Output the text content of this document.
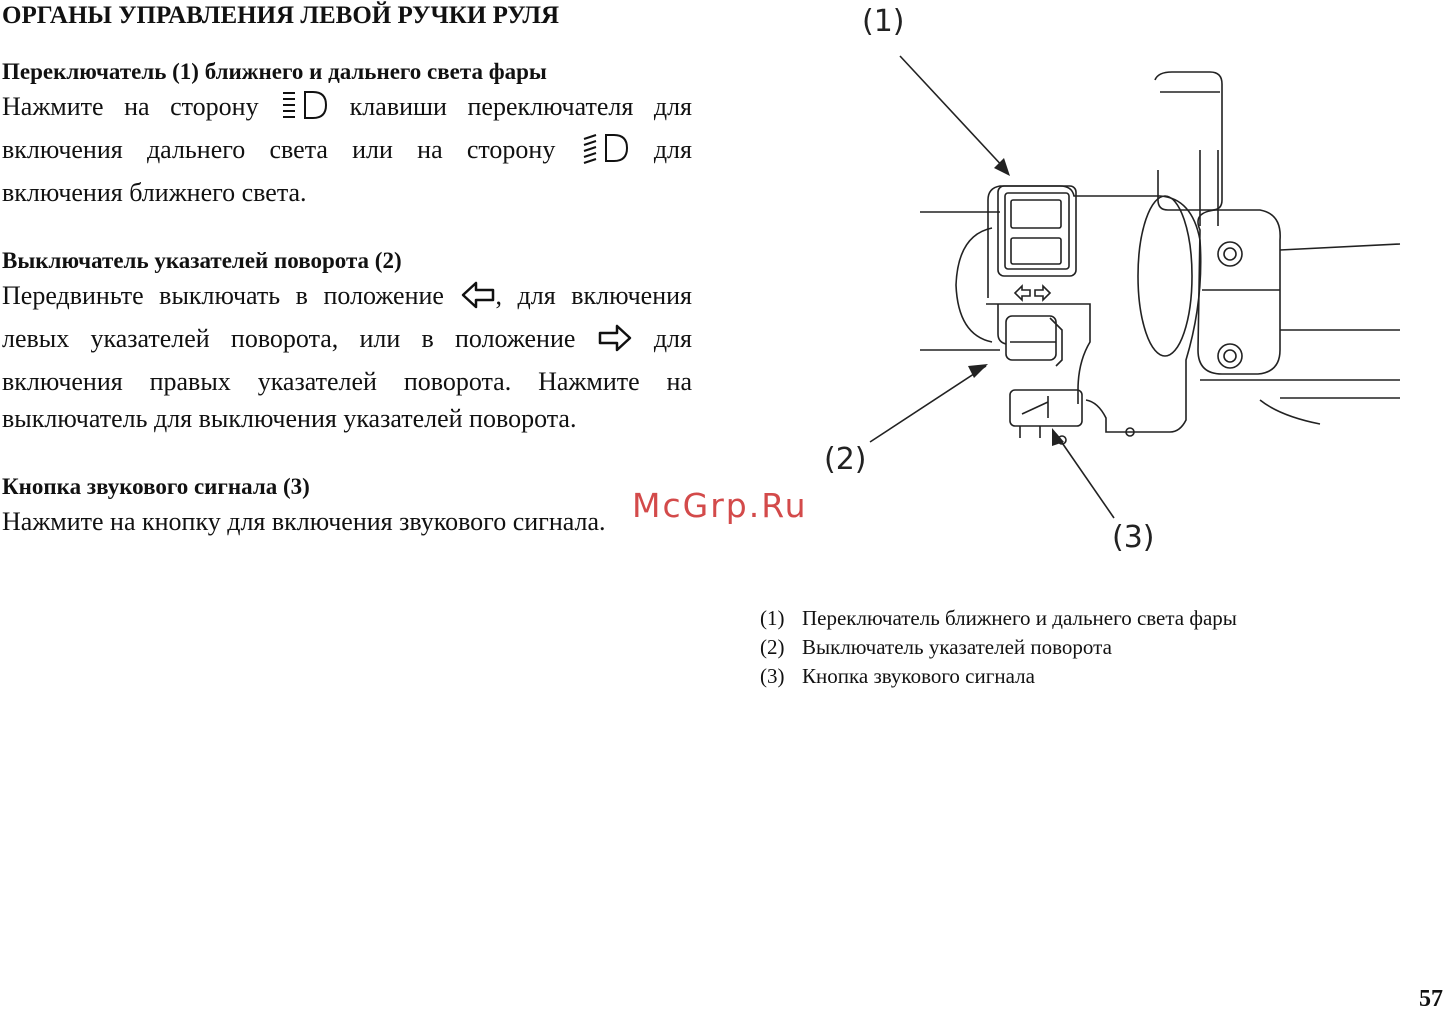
ОРГАНЫ УПРАВЛЕНИЯ ЛЕВОЙ РУЧКИ РУЛЯ
Переключатель (1) ближнего и дальнего света фары

Нажмите на сторону	клавиши переключателя для включения дальнего света или на сторону	для включения ближнего света.

Выключатель указателей поворота (2)

Передвиньте выключать в положение , для включения левых указателей поворота, или в положение	для включения правых указателей поворота. Нажмите на выключатель для выключения указателей поворота.

Кнопка звукового сигнала (3)

Нажмите на кнопку для включения звукового сигнала.

(1)
(2)
(3)
McGrp.Ru
(1) Переключатель ближнего и дальнего света фары
(2) Выключатель указателей поворота
(3) Кнопка звукового сигнала
57
